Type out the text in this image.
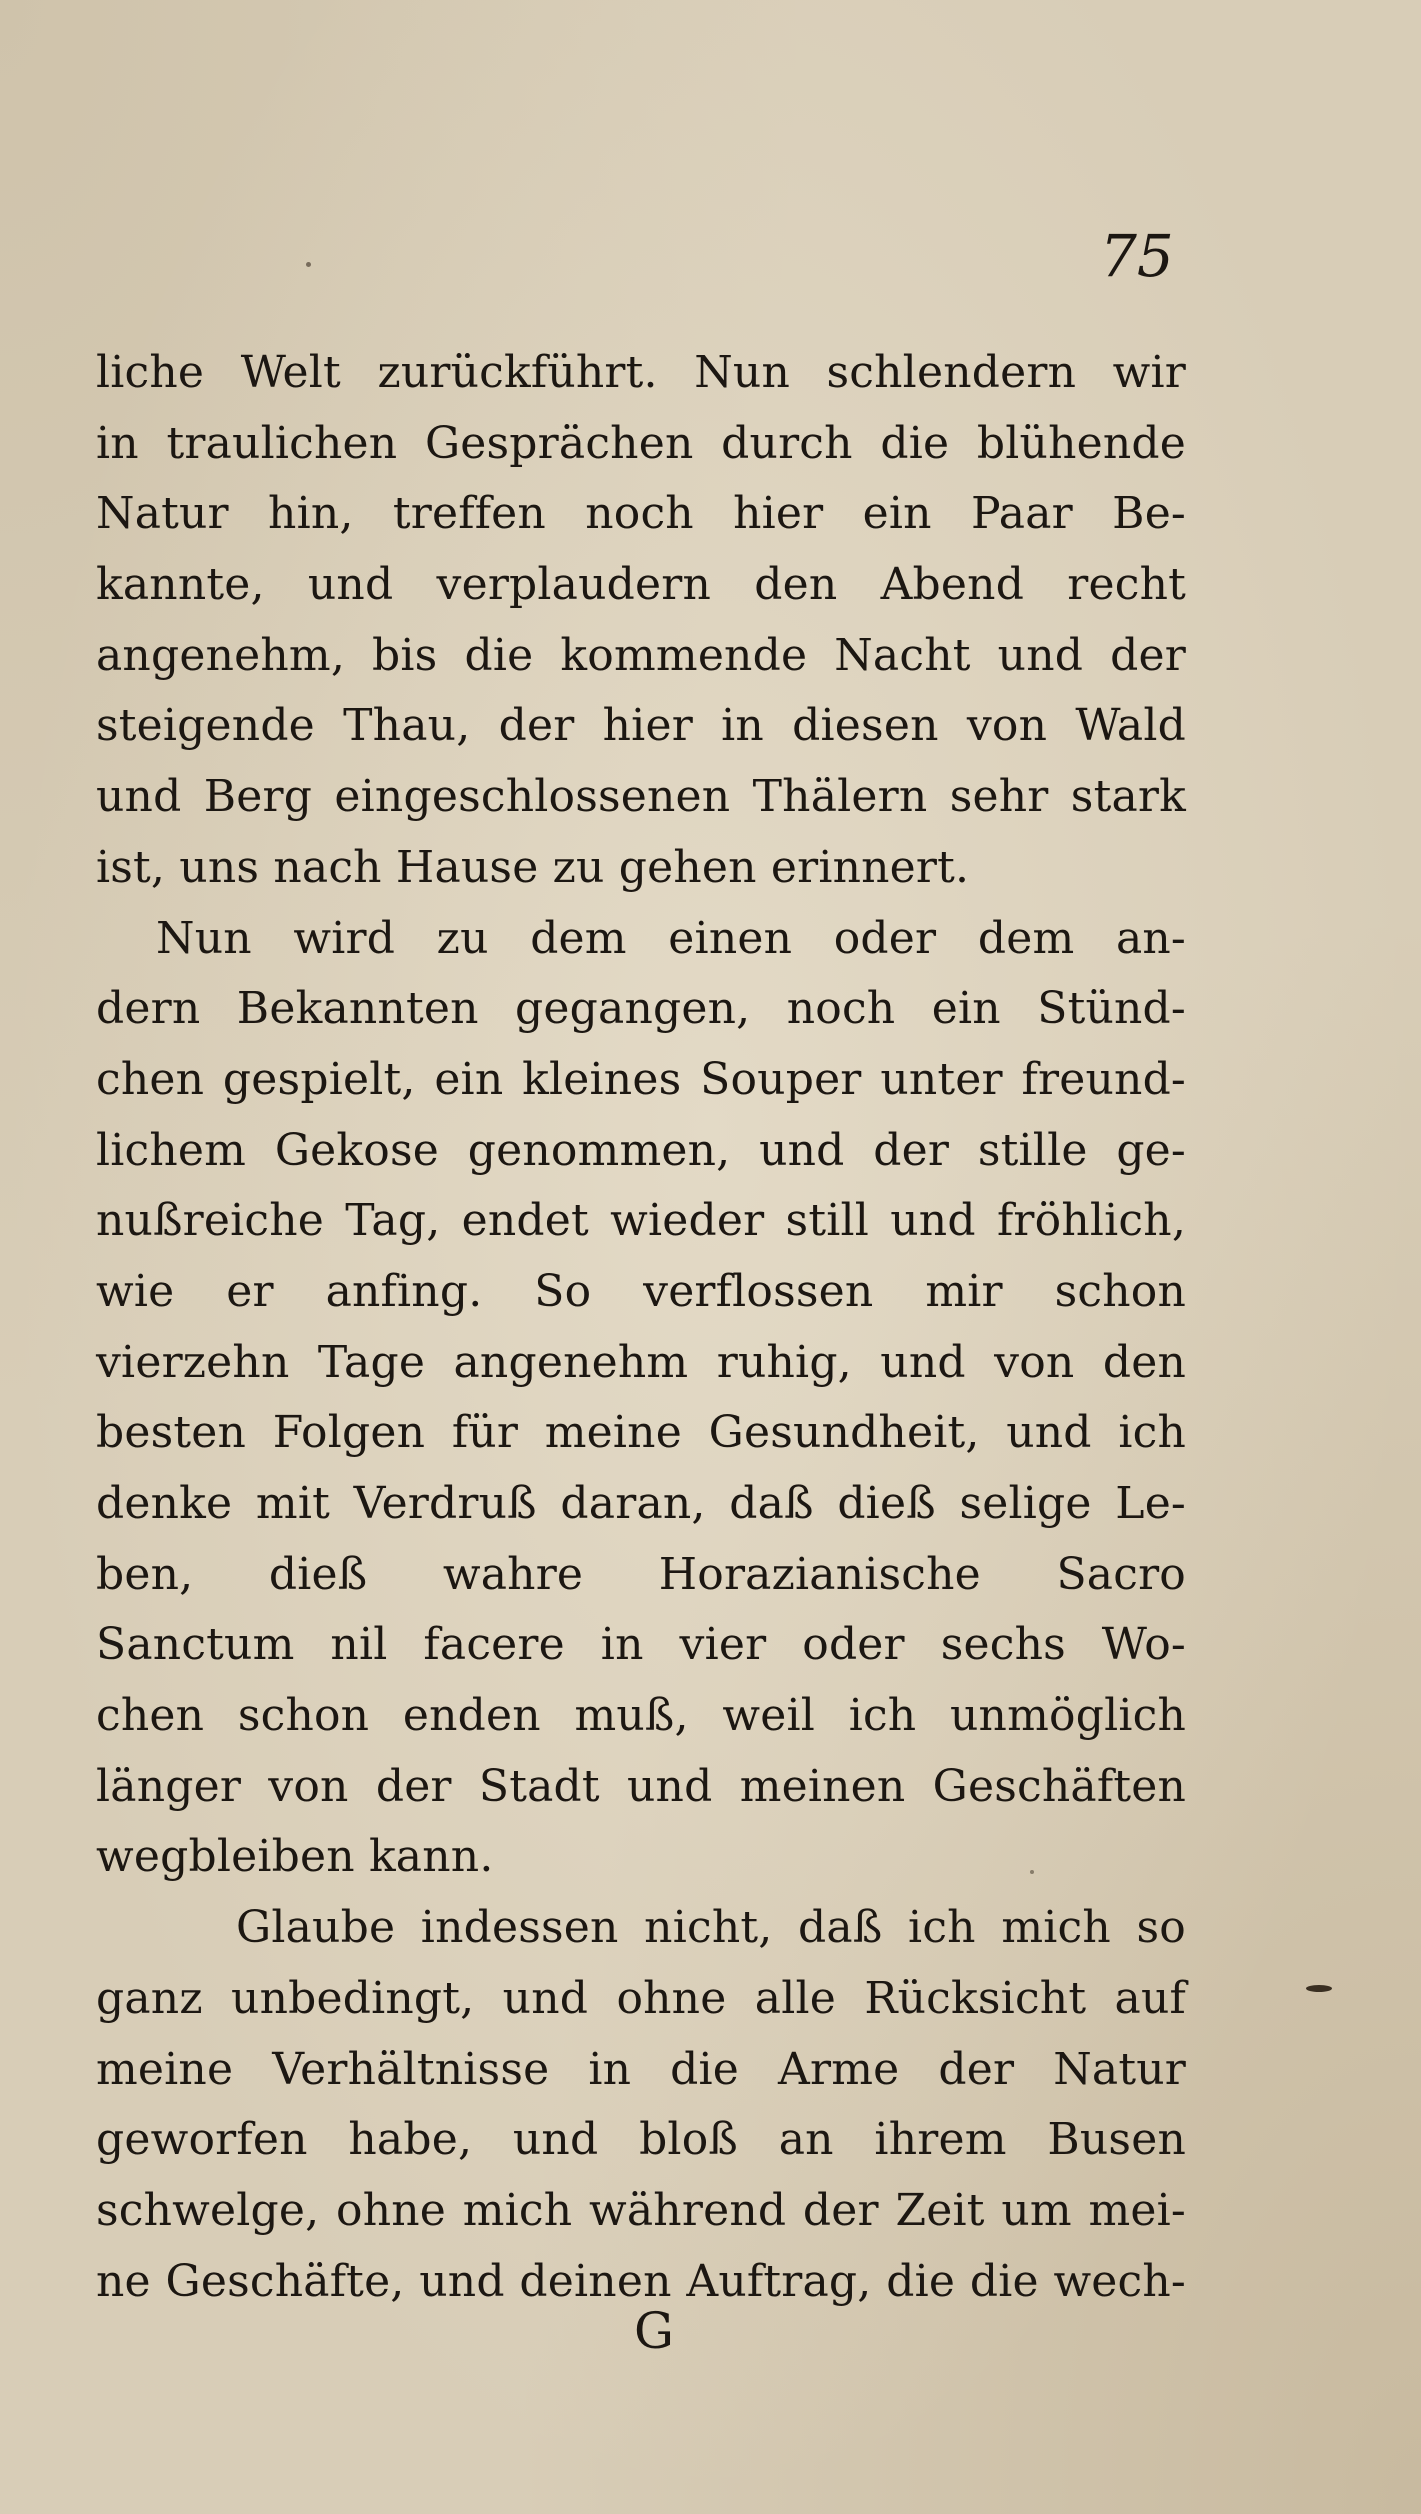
75
liche Welt zurückführt. Nun schlendern wir
in traulichen Gesprächen durch die blühende
Natur hin, treffen noch hier ein Paar Be-
kannte, und verplaudern den Abend recht
angenehm, bis die kommende Nacht und der
steigende Thau, der hier in diesen von Wald
und Berg eingeschlossenen Thälern sehr stark
ist, uns nach Hause zu gehen erinnert.
Nun wird zu dem einen oder dem an-
dern Bekannten gegangen, noch ein Stünd-
chen gespielt, ein kleines Souper unter freund-
lichem Gekose genommen, und der stille ge-
nußreiche Tag, endet wieder still und fröhlich,
wie er anfing. So verflossen mir schon
vierzehn Tage angenehm ruhig, und von den
besten Folgen für meine Gesundheit, und ich
denke mit Verdruß daran, daß dieß selige Le-
ben, dieß wahre Horazianische Sacro
Sanctum nil facere in vier oder sechs Wo-
chen schon enden muß, weil ich unmöglich
länger von der Stadt und meinen Geschäften
wegbleiben kann.
Glaube indessen nicht, daß ich mich so
ganz unbedingt, und ohne alle Rücksicht auf
meine Verhältnisse in die Arme der Natur
geworfen habe, und bloß an ihrem Busen
schwelge, ohne mich während der Zeit um mei-
ne Geschäfte, und deinen Auftrag, die die wech-
G
